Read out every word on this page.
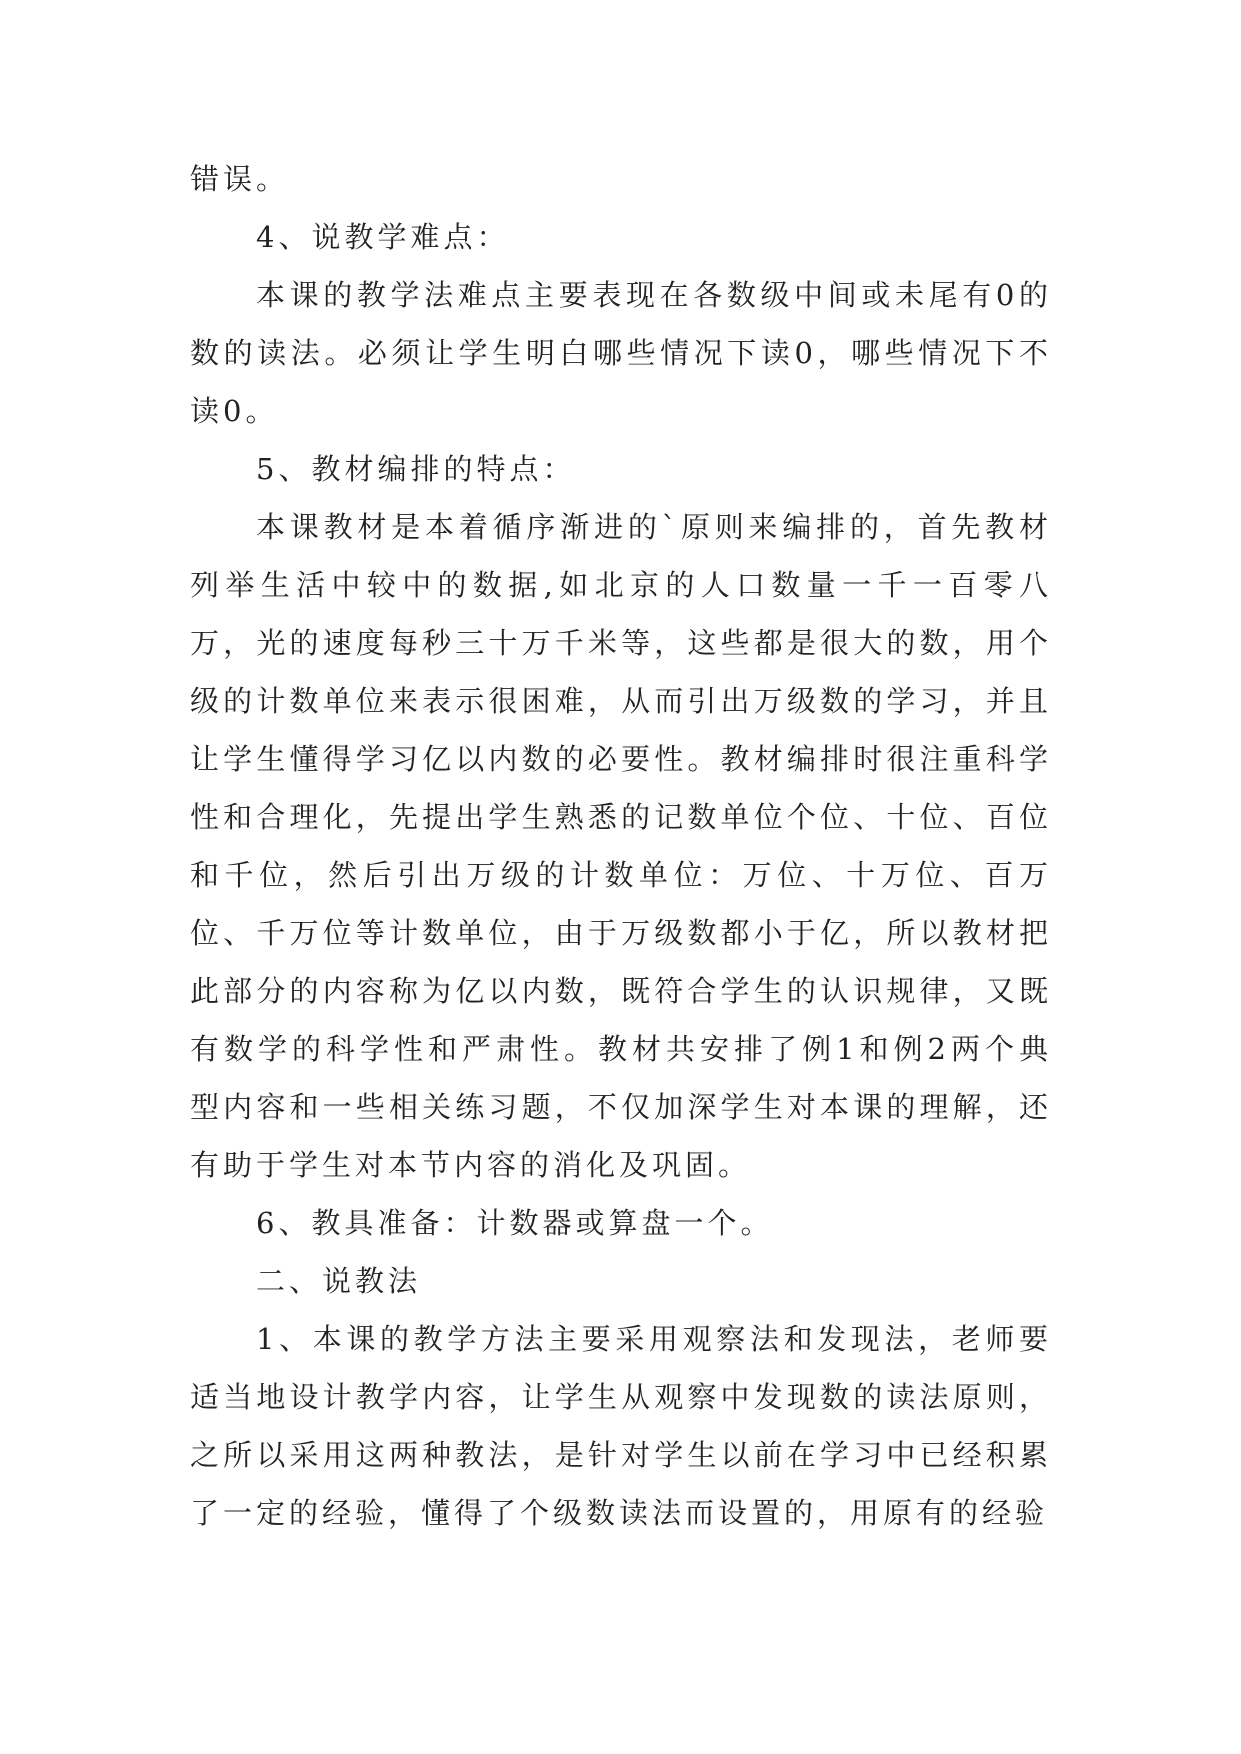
错误。

4、说教学难点：

本课的教学法难点主要表现在各数级中间或未尾有0的数的读法。必须让学生明白哪些情况下读0，哪些情况下不读0。

5、教材编排的特点：

本课教材是本着循序渐进的`原则来编排的，首先教材列举生活中较中的数据,如北京的人口数量一千一百零八万，光的速度每秒三十万千米等，这些都是很大的数，用个级的计数单位来表示很困难，从而引出万级数的学习，并且让学生懂得学习亿以内数的必要性。教材编排时很注重科学性和合理化，先提出学生熟悉的记数单位个位、十位、百位和千位，然后引出万级的计数单位：万位、十万位、百万位、千万位等计数单位，由于万级数都小于亿，所以教材把此部分的内容称为亿以内数，既符合学生的认识规律，又既有数学的科学性和严肃性。教材共安排了例1和例2两个典型内容和一些相关练习题，不仅加深学生对本课的理解，还有助于学生对本节内容的消化及巩固。

6、教具准备：计数器或算盘一个。

二、说教法

1、本课的教学方法主要采用观察法和发现法，老师要适当地设计教学内容，让学生从观察中发现数的读法原则，之所以采用这两种教法，是针对学生以前在学习中已经积累了一定的经验，懂得了个级数读法而设置的，用原有的经验
